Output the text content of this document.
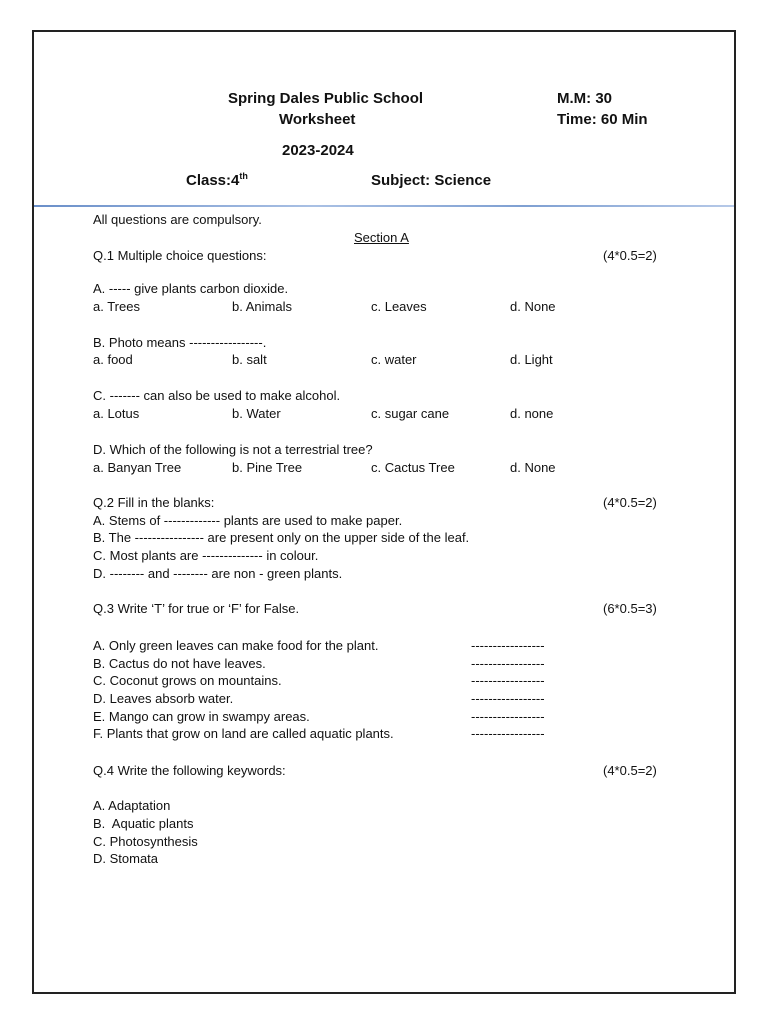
Spring Dales Public School
Worksheet
2023-2024
Class:4th	Subject: Science
M.M: 30
Time: 60 Min
All questions are compulsory.
Section A
Q.1 Multiple choice questions:	(4*0.5=2)
A. ----- give plants carbon dioxide.
a. Trees	b. Animals	c. Leaves	d. None
B. Photo means -----------------.
a. food	b. salt	c. water	d. Light
C. ------- can also be used to make alcohol.
a. Lotus	b. Water	c. sugar cane	d. none
D. Which of the following is not a terrestrial tree?
a. Banyan Tree	b. Pine Tree	c. Cactus Tree	d. None
Q.2 Fill in the blanks:	(4*0.5=2)
A. Stems of ------------- plants are used to make paper.
B. The ---------------- are present only on the upper side of the leaf.
C. Most plants are -------------- in colour.
D. -------- and -------- are non - green plants.
Q.3 Write ‘T’ for true or ‘F’ for False.	(6*0.5=3)
A. Only green leaves can make food for the plant.	-----------------
B. Cactus do not have leaves.	-----------------
C. Coconut grows on mountains.	-----------------
D. Leaves absorb water.	-----------------
E. Mango can grow in swampy areas.	-----------------
F. Plants that grow on land are called aquatic plants.	-----------------
Q.4 Write the following keywords:	(4*0.5=2)
A. Adaptation
B.  Aquatic plants
C. Photosynthesis
D. Stomata
